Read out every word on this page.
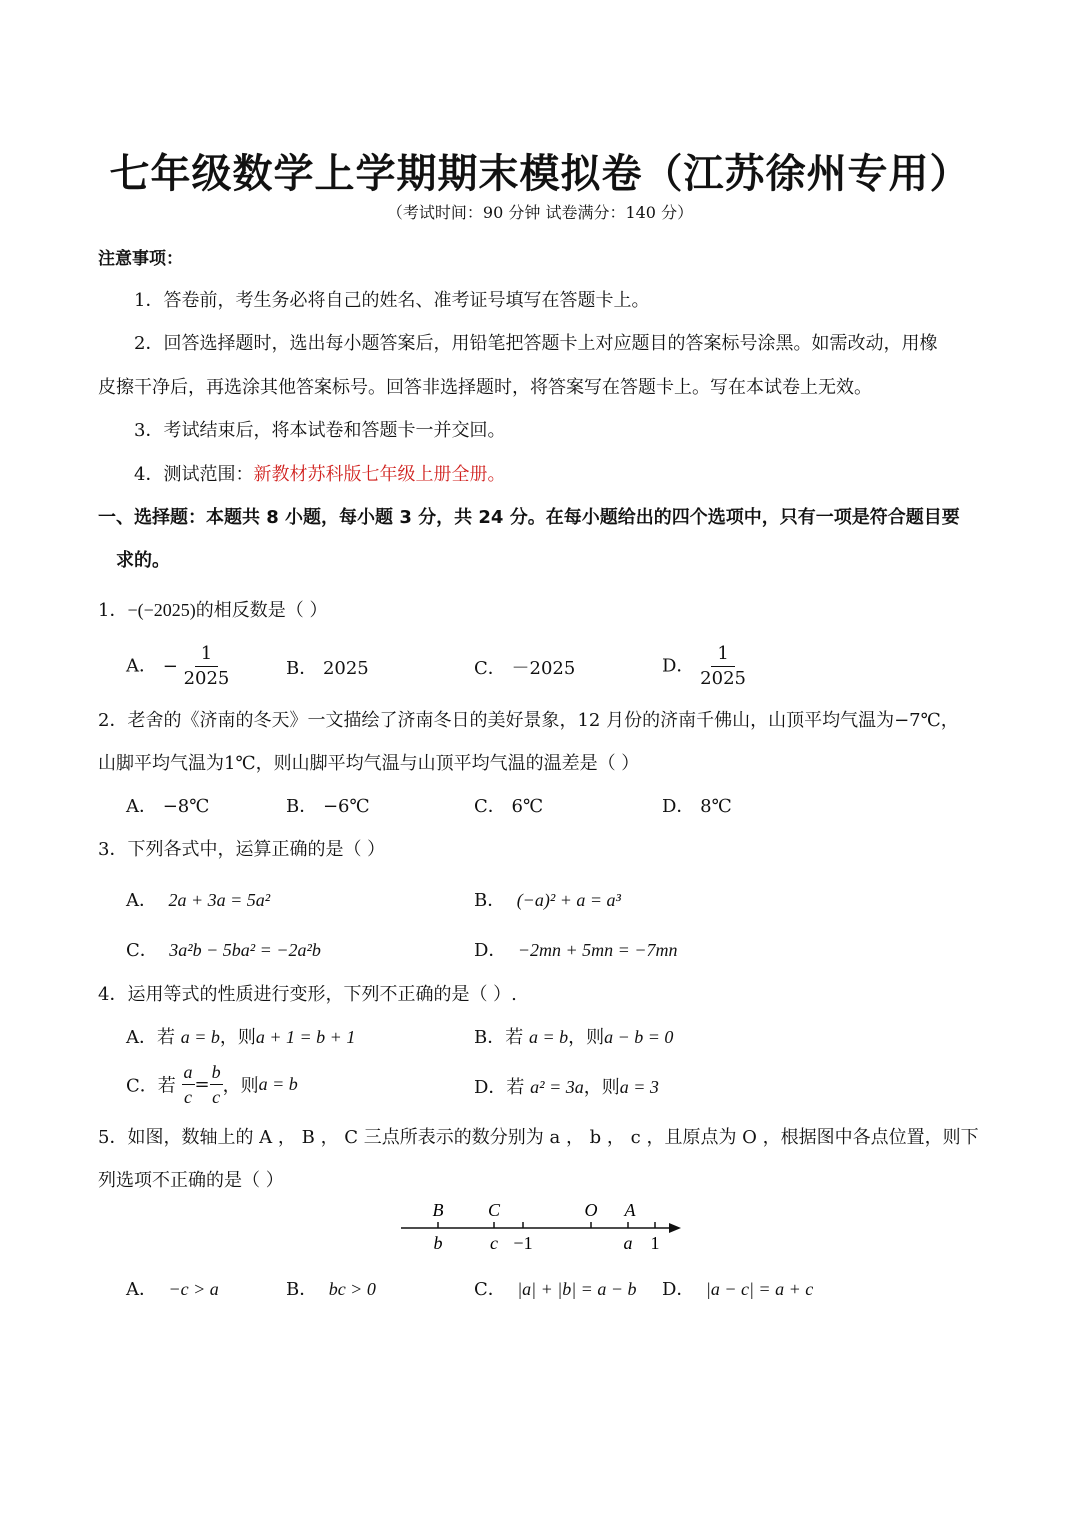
七年级数学上学期期末模拟卷（江苏徐州专用）
（考试时间：90 分钟 试卷满分：140 分）
注意事项：
1．答卷前，考生务必将自己的姓名、准考证号填写在答题卡上。
2．回答选择题时，选出每小题答案后，用铅笔把答题卡上对应题目的答案标号涂黑。如需改动，用橡
皮擦干净后，再选涂其他答案标号。回答非选择题时，将答案写在答题卡上。写在本试卷上无效。
3．考试结束后，将本试卷和答题卡一并交回。
4．测试范围：新教材苏科版七年级上册全册。
一、选择题：本题共 8 小题，每小题 3 分，共 24 分。在每小题给出的四个选项中，只有一项是符合题目要
求的。
1．−(−2025)的相反数是（ ）
A． − $\frac{1}{2025}$	B． 2025	C． －2025	D． $\frac{1}{2025}$
2．老舍的《济南的冬天》一文描绘了济南冬日的美好景象，12 月份的济南千佛山，山顶平均气温为−7℃，
山脚平均气温为1℃，则山脚平均气温与山顶平均气温的温差是（ ）
A． −8℃	B． −6℃	C． 6℃	D． 8℃
3．下列各式中，运算正确的是（ ）
A． 2a + 3a = 5a²	B． (−a)² + a = a³
C． 3a²b − 5ba² = −2a²b	D． −2mn + 5mn = −7mn
4．运用等式的性质进行变形，下列不正确的是（ ）.
A．若 a = b，则a + 1 = b + 1	B．若 a = b，则a − b = 0
C．若 $\frac{a}{c} = \frac{b}{c}$ ，则a = b	D．若 a² = 3a，则a = 3
5．如图，数轴上的 A ， B ， C 三点所表示的数分别为 a ， b ， c ，且原点为 O ，根据图中各点位置，则下
列选项不正确的是（ ）
B C	O A
b	c −1	a 1
A． −c > a	B． bc > 0	C． |a| + |b| = a − b D． |a − c| = a + c
